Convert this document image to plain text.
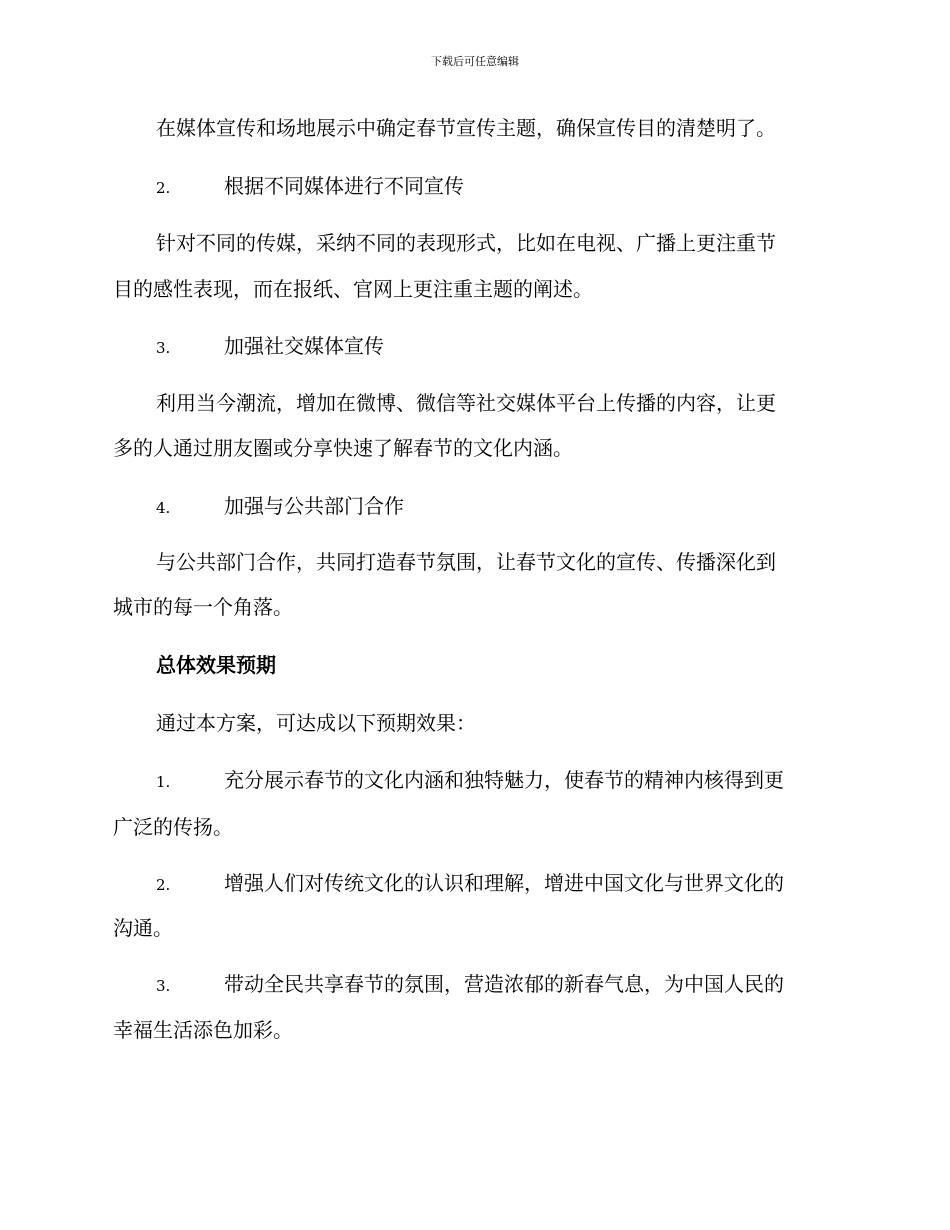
下载后可任意编辑
在媒体宣传和场地展示中确定春节宣传主题，确保宣传目的清楚明了。
2.	根据不同媒体进行不同宣传
针对不同的传媒，采纳不同的表现形式，比如在电视、广播上更注重节
目的感性表现，而在报纸、官网上更注重主题的阐述。
3.	加强社交媒体宣传
利用当今潮流，增加在微博、微信等社交媒体平台上传播的内容，让更
多的人通过朋友圈或分享快速了解春节的文化内涵。
4.	加强与公共部门合作
与公共部门合作，共同打造春节氛围，让春节文化的宣传、传播深化到
城市的每一个角落。
总体效果预期
通过本方案，可达成以下预期效果：
1.	充分展示春节的文化内涵和独特魅力，使春节的精神内核得到更
广泛的传扬。
2.	增强人们对传统文化的认识和理解，增进中国文化与世界文化的
沟通。
3.	带动全民共享春节的氛围，营造浓郁的新春气息，为中国人民的
幸福生活添色加彩。
